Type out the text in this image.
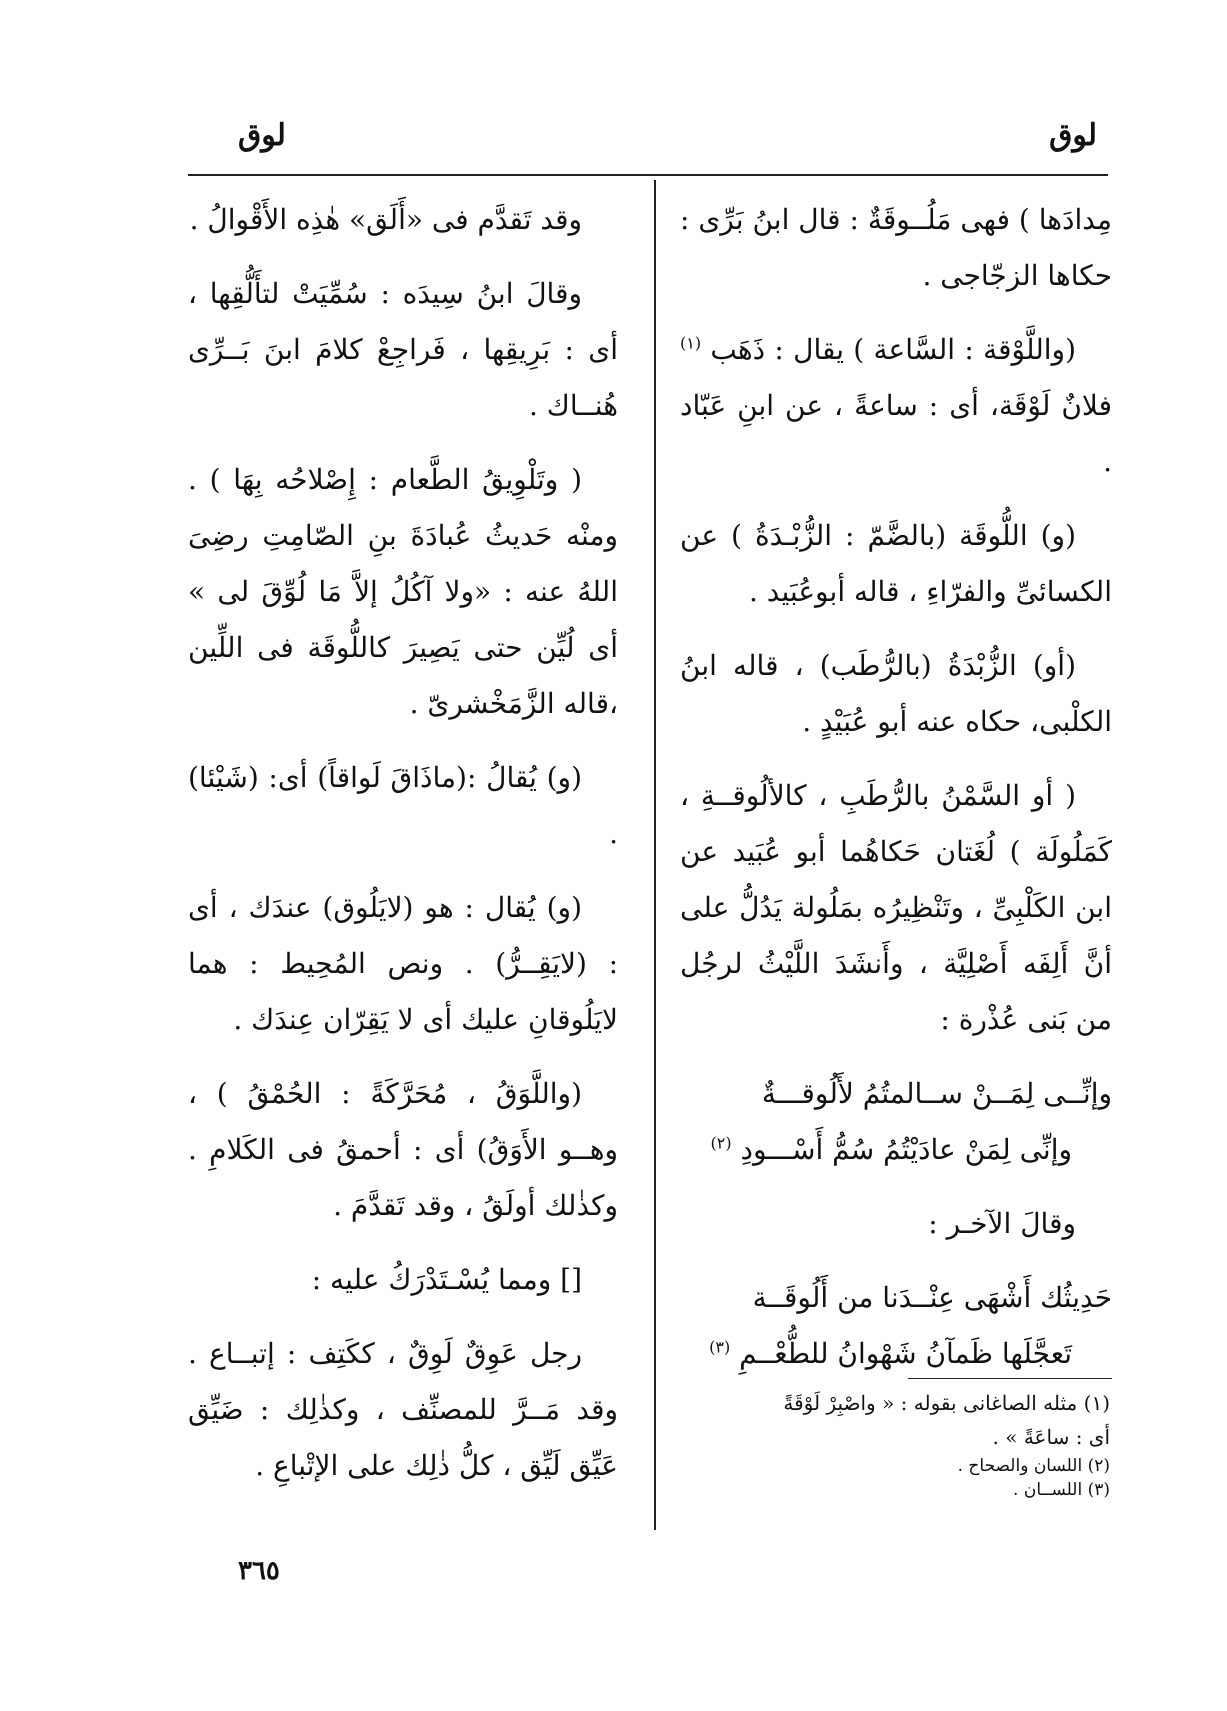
لوق
لوق

مِدادَها ) فهى مَلُــوقَةٌ : قال ابنُ بَرِّى : حكاها الزجّاجى .

(واللَّوْقة : السَّاعة ) يقال : ذَهَب $^{(١)}$ فلانٌ لَوْقَة، أى : ساعةً ، عن ابنِ عَبّاد .

(و) اللُّوقَة (بالضَّمّ : الزُّبْـدَةُ ) عن الكسائىِّ والفرّاءِ ، قاله أبوعُبَيد .

(أو) الزُّبْدَةُ (بالرُّطَب) ، قاله ابنُ الكلْبى، حكاه عنه أبو عُبَيْدٍ .

( أو السَّمْنُ بالرُّطَبِ ، كالألُوقــةِ ، كَمَلُولَة ) لُغَتان حَكاهُما أبو عُبَيد عن ابن الكَلْبِىِّ ، وتَنْظِيرُه بمَلُولة يَدُلُّ على أنَّ أَلِفَه أَصْلِيَّة ، وأَنشَدَ اللَّيْثُ لرجُل من بَنى عُذْرة :

وإنِّــى لِمَــنْ ســالمتُمُ لأَلُوقـــةٌ
وإنِّى لِمَنْ عادَيْتُمُ سُمُّ أَسْـــودِ $^{(٢)}$

وقالَ الآخـر :

حَدِيثُك أَشْهَى عِنْــدَنا من أَلُوقَــة
تَعجَّلَها ظَمآنُ شَهْوانُ للطُّعْــمِ $^{(٣)}$

وقد تَقدَّم فى «أَلَق» هٰذِه الأَقْوالُ .

وقالَ ابنُ سِيدَه : سُمِّيَتْ لتأَلُّقِها ، أى : بَرِيقِها ، فَراجِعْ كلامَ ابنَ بَــرِّى هُنــاك .

( وتَلْوِيقُ الطَّعام : إِصْلاحُه بِهَا ) . ومنْه حَديثُ عُبادَةَ بنِ الصّامِتِ رضِىَ اللهُ عنه : «ولا آكُلُ إلاَّ مَا لُوِّقَ لى » أى لُيِّن حتى يَصِيرَ كاللُّوقَة فى اللِّين ،قاله الزَّمَخْشرىّ .

(و) يُقالُ :(ماذَاقَ لَواقاً) أى: (شَيْئا) .

(و) يُقال : هو (لايَلُوق) عندَك ، أى : (لايَقِــرُّ) . ونص المُحِيط : هما لايَلُوقانِ عليك أى لا يَقِرّان عِندَك .

(واللَّوَقُ ، مُحَرَّكَةً : الحُمْقُ ) ، وهــو الأَوَقُ) أى : أحمقُ فى الكَلامِ . وكذٰلك أولَقُ ، وقد تَقدَّمَ .

[] ومما يُسْـتَدْرَكُ عليه :

رجل عَوِقٌ لَوِقٌ ، ككَتِف : إتبــاع . وقد مَــرَّ للمصنِّف ، وكذٰلِك : ضَيِّق عَيِّق لَيِّق ، كلُّ ذٰلِك على الإتْباعِ .

(١) مثله الصاغانى بقوله : « واصْبِرْ لَوْقَةً
أى : ساعَةً » .
(٢) اللسان والصحاح .
(٣) اللســان .
٣٦٥
